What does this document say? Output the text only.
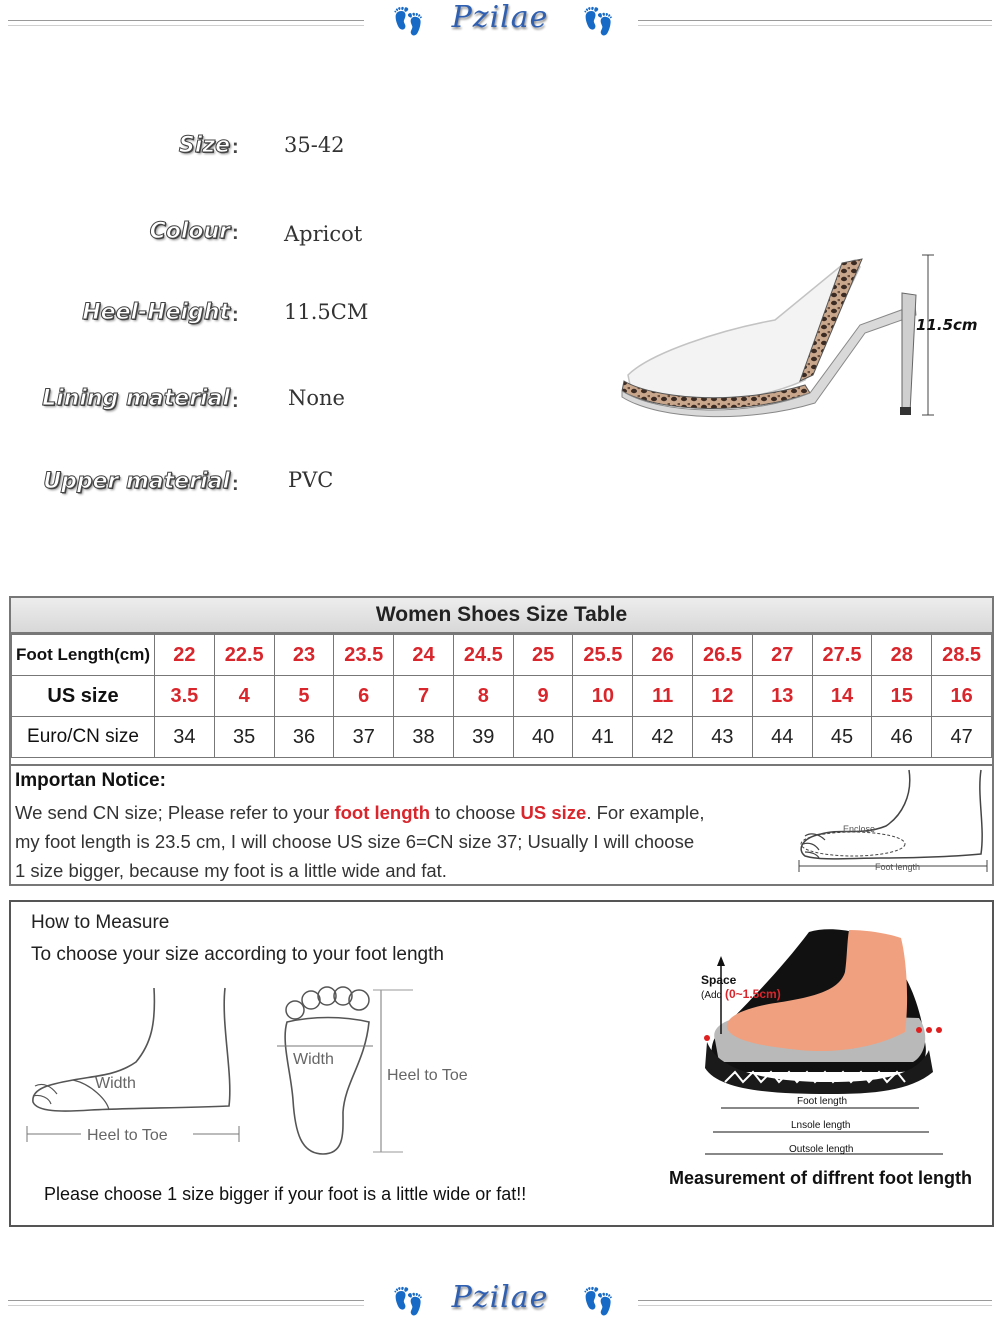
👣 Pzilae	👣
Size : 35-42
Colour : Apricot
Heel-Height : 11.5CM
Lining material : None
Upper material : PVC
11.5cm
Women Shoes Size Table
Foot Length(cm)	22	22.5	23	23.5	24	24.5	25	25.5	26	26.5	27	27.5	28	28.5
US size	3.5	4	5	6	7	8	9	10	11	12	13	14	15	16
Euro/CN size	34	35	36	37	38	39	40	41	42	43	44	45	46	47
Importan Notice:
We send CN size; Please refer to your foot length to choose US size. For example,
my foot length is 23.5 cm, I will choose US size 6=CN size 37; Usually I will choose
1 size bigger, because my foot is a little wide and fat.
Enclose
Foot length
How to Measure
To choose your size according to your foot length
Width
Heel to Toe
Width
Heel to Toe
Please choose 1 size bigger if your foot is a little wide or fat!!
Space
(Add (0~1.5cm)
Foot length
Lnsole length
Outsole length
Measurement of diffrent foot length
👣 Pzilae	👣
